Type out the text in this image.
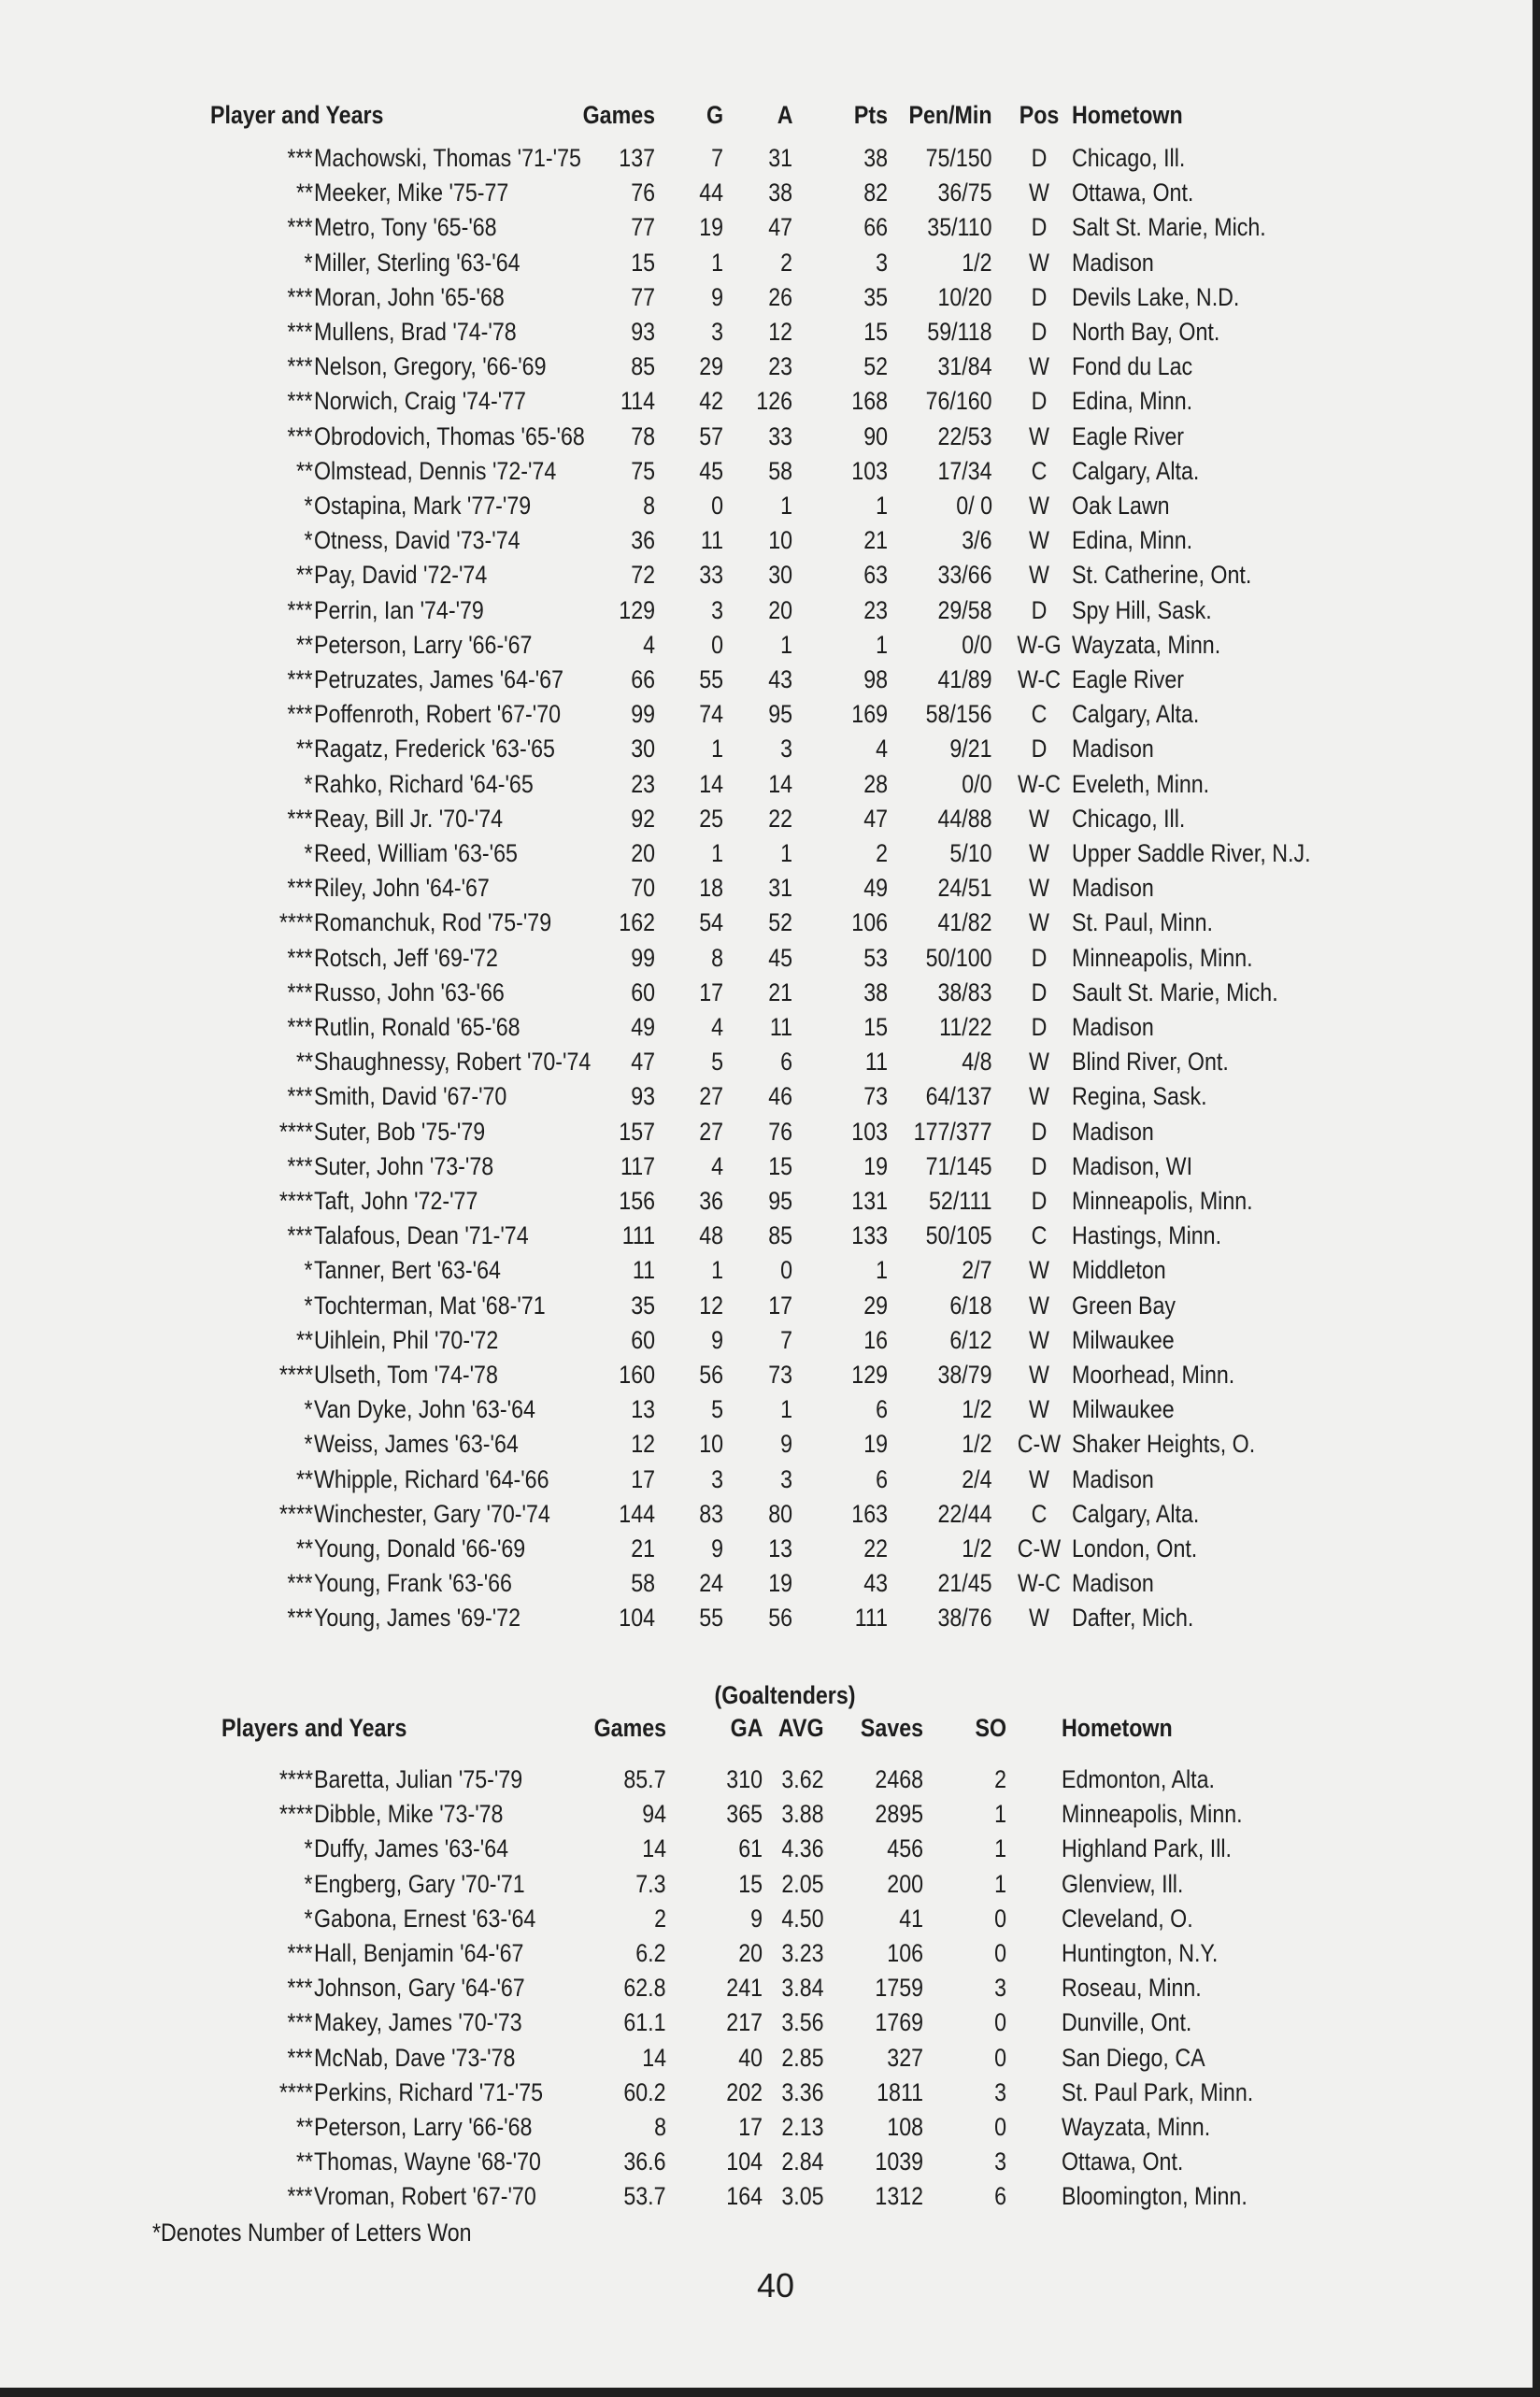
Player and Years	Games G A Pts Pen/Min	Pos Hometown
*** Machowski, Thomas '71-'75 137 7 31	38 75/150	D Chicago, Ill.
** Meeker, Mike '75-77	76 44 38	82 36/75	W Ottawa, Ont.
*** Metro, Tony '65-'68	77 19 47	66 35/110	D Salt St. Marie, Mich.
* Miller, Sterling '63-'64	15 1 2	3	1/2	W Madison
*** Moran, John '65-'68	77 9 26	35 10/20	D Devils Lake, N.D.
*** Mullens, Brad '74-'78	93 3 12	15 59/118	D North Bay, Ont.
*** Nelson, Gregory, '66-'69	85 29 23	52 31/84	W Fond du Lac
*** Norwich, Craig '74-'77	114 42 126 168 76/160	D Edina, Minn.
*** Obrodovich, Thomas '65-'68 78 57 33	90 22/53	W Eagle River
** Olmstead, Dennis '72-'74	75 45 58 103 17/34	C Calgary, Alta.
* Ostapina, Mark '77-'79	8 0 1	1	0/ 0	W Oak Lawn
* Otness, David '73-'74	36 11 10	21	3/6	W Edina, Minn.
** Pay, David '72-'74	72 33 30	63 33/66	W St. Catherine, Ont.
*** Perrin, Ian '74-'79	129 3 20	23 29/58	D Spy Hill, Sask.
** Peterson, Larry '66-'67	4 0 1	1	0/0 W-G Wayzata, Minn.
*** Petruzates, James '64-'67	66 55 43	98 41/89 W-C Eagle River
*** Poffenroth, Robert '67-'70	99 74 95 169 58/156	C Calgary, Alta.
** Ragatz, Frederick '63-'65	30 1 3	4 9/21	D Madison
* Rahko, Richard '64-'65	23 14 14	28	0/0 W-C Eveleth, Minn.
*** Reay, Bill Jr. '70-'74	92 25 22	47 44/88	W Chicago, Ill.
* Reed, William '63-'65	20 1 1	2 5/10	W Upper Saddle River, N.J.
*** Riley, John '64-'67	70 18 31	49 24/51	W Madison
**** Romanchuk, Rod '75-'79	162 54 52 106 41/82	W St. Paul, Minn.
*** Rotsch, Jeff '69-'72	99 8 45	53 50/100	D Minneapolis, Minn.
*** Russo, John '63-'66	60 17 21	38 38/83	D Sault St. Marie, Mich.
*** Rutlin, Ronald '65-'68	49 4 11	15 11/22	D Madison
** Shaughnessy, Robert '70-'74 47 5 6	11	4/8	W Blind River, Ont.
*** Smith, David '67-'70	93 27 46	73 64/137	W Regina, Sask.
**** Suter, Bob '75-'79	157 27 76 103 177/377	D Madison
*** Suter, John '73-'78	117 4 15	19 71/145	D Madison, WI
**** Taft, John '72-'77	156 36 95 131 52/111	D Minneapolis, Minn.
*** Talafous, Dean '71-'74	111 48 85 133 50/105	C Hastings, Minn.
* Tanner, Bert '63-'64	11 1 0	1	2/7	W Middleton
* Tochterman, Mat '68-'71	35 12 17	29 6/18	W Green Bay
** Uihlein, Phil '70-'72	60 9 7	16 6/12	W Milwaukee
**** Ulseth, Tom '74-'78	160 56 73 129 38/79	W Moorhead, Minn.
* Van Dyke, John '63-'64	13 5 1	6	1/2	W Milwaukee
* Weiss, James '63-'64	12 10 9	19	1/2 C-W Shaker Heights, O.
** Whipple, Richard '64-'66	17 3 3	6	2/4	W Madison
**** Winchester, Gary '70-'74	144 83 80 163 22/44	C Calgary, Alta.
** Young, Donald '66-'69	21 9 13	22	1/2 C-W London, Ont.
*** Young, Frank '63-'66	58 24 19	43 21/45 W-C Madison
*** Young, James '69-'72	104 55 56 111 38/76	W Dafter, Mich.
(Goaltenders)
Players and Years	Games	GA AVG Saves SO Hometown
**** Baretta, Julian '75-'79	85.7 310 3.62 2468	2 Edmonton, Alta.
**** Dibble, Mike '73-'78	94 365 3.88 2895	1 Minneapolis, Minn.
* Duffy, James '63-'64	14	61 4.36 456	1 Highland Park, Ill.
* Engberg, Gary '70-'71	7.3	15 2.05 200	1 Glenview, Ill.
* Gabona, Ernest '63-'64	2	9 4.50	41	0 Cleveland, O.
*** Hall, Benjamin '64-'67	6.2	20 3.23 106	0 Huntington, N.Y.
*** Johnson, Gary '64-'67	62.8 241 3.84 1759	3 Roseau, Minn.
*** Makey, James '70-'73	61.1 217 3.56 1769	0 Dunville, Ont.
*** McNab, Dave '73-'78	14	40 2.85 327	0 San Diego, CA
**** Perkins, Richard '71-'75	60.2 202 3.36 1811	3 St. Paul Park, Minn.
** Peterson, Larry '66-'68	8	17 2.13 108	0 Wayzata, Minn.
** Thomas, Wayne '68-'70	36.6 104 2.84 1039	3 Ottawa, Ont.
*** Vroman, Robert '67-'70	53.7 164 3.05 1312	6 Bloomington, Minn.
*Denotes Number of Letters Won
40
